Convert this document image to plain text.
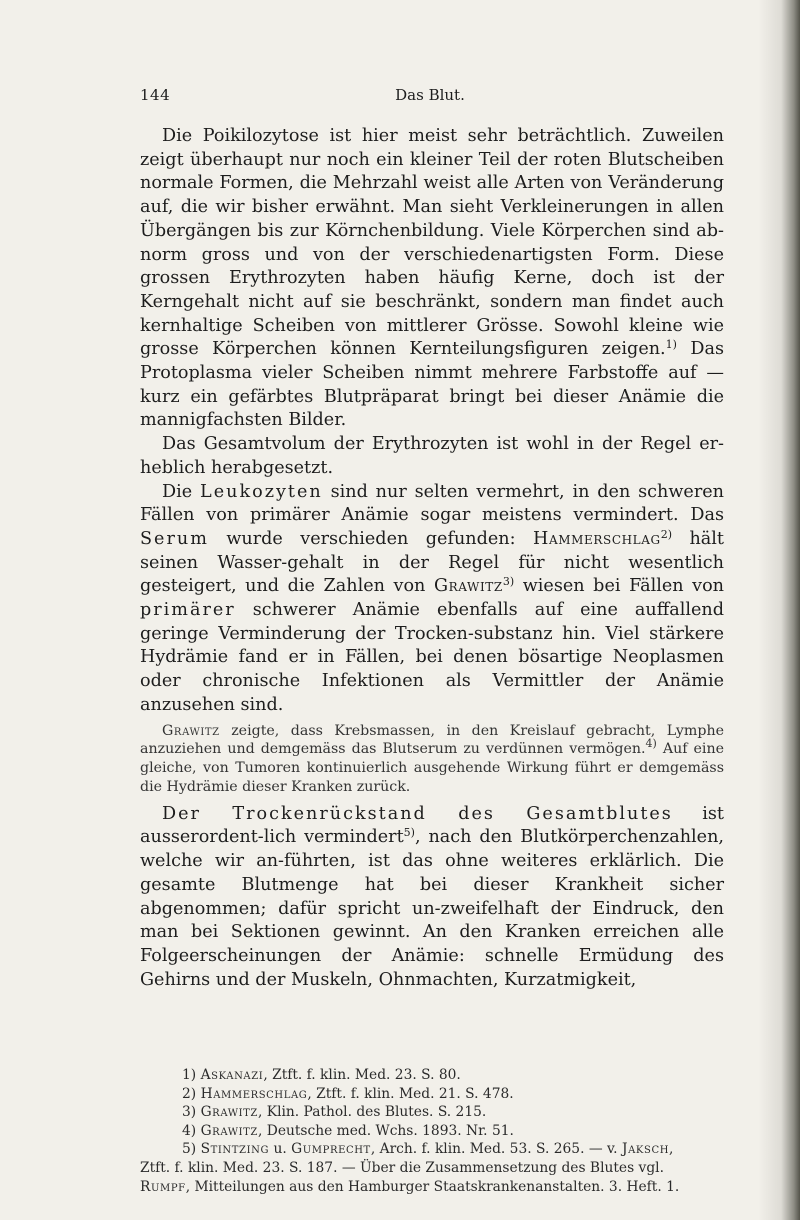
144	Das Blut.

Die Poikilozytose ist hier meist sehr beträchtlich. Zuweilen zeigt überhaupt nur noch ein kleiner Teil der roten Blutscheiben normale Formen, die Mehrzahl weist alle Arten von Veränderung auf, die wir bisher erwähnt. Man sieht Verkleinerungen in allen Übergängen bis zur Körnchenbildung. Viele Körperchen sind ab-norm gross und von der verschiedenartigsten Form. Diese grossen Erythrozyten haben häufig Kerne, doch ist der Kerngehalt nicht auf sie beschränkt, sondern man findet auch kernhaltige Scheiben von mittlerer Grösse. Sowohl kleine wie grosse Körperchen können Kernteilungsfiguren zeigen.$^{1)}$ Das Protoplasma vieler Scheiben nimmt mehrere Farbstoffe auf — kurz ein gefärbtes Blutpräparat bringt bei dieser Anämie die mannigfachsten Bilder.

Das Gesamtvolum der Erythrozyten ist wohl in der Regel er-heblich herabgesetzt.

Die Leukozyten sind nur selten vermehrt, in den schweren Fällen von primärer Anämie sogar meistens vermindert. Das Serum wurde verschieden gefunden: Hammerschlag$^{2)}$ hält seinen Wasser-gehalt in der Regel für nicht wesentlich gesteigert, und die Zahlen von Grawitz$^{3)}$ wiesen bei Fällen von primärer schwerer Anämie ebenfalls auf eine auffallend geringe Verminderung der Trocken-substanz hin. Viel stärkere Hydrämie fand er in Fällen, bei denen bösartige Neoplasmen oder chronische Infektionen als Vermittler der Anämie anzusehen sind.

Grawitz zeigte, dass Krebsmassen, in den Kreislauf gebracht, Lymphe anzuziehen und demgemäss das Blutserum zu verdünnen vermögen.$^{4)}$ Auf eine gleiche, von Tumoren kontinuierlich ausgehende Wirkung führt er demgemäss die Hydrämie dieser Kranken zurück.

Der Trockenrückstand des Gesamtblutes ist ausserordent-lich vermindert$^{5)}$, nach den Blutkörperchenzahlen, welche wir an-führten, ist das ohne weiteres erklärlich. Die gesamte Blutmenge hat bei dieser Krankheit sicher abgenommen; dafür spricht un-zweifelhaft der Eindruck, den man bei Sektionen gewinnt. An den Kranken erreichen alle Folgeerscheinungen der Anämie: schnelle Ermüdung des Gehirns und der Muskeln, Ohnmachten, Kurzatmigkeit,

1) Askanazi, Ztft. f. klin. Med. 23. S. 80.
2) Hammerschlag, Ztft. f. klin. Med. 21. S. 478.
3) Grawitz, Klin. Pathol. des Blutes. S. 215.
4) Grawitz, Deutsche med. Wchs. 1893. Nr. 51.
5) Stintzing u. Gumprecht, Arch. f. klin. Med. 53. S. 265. — v. Jaksch,
Ztft. f. klin. Med. 23. S. 187. — Über die Zusammensetzung des Blutes vgl.
Rumpf, Mitteilungen aus den Hamburger Staatskrankenanstalten. 3. Heft. 1.
